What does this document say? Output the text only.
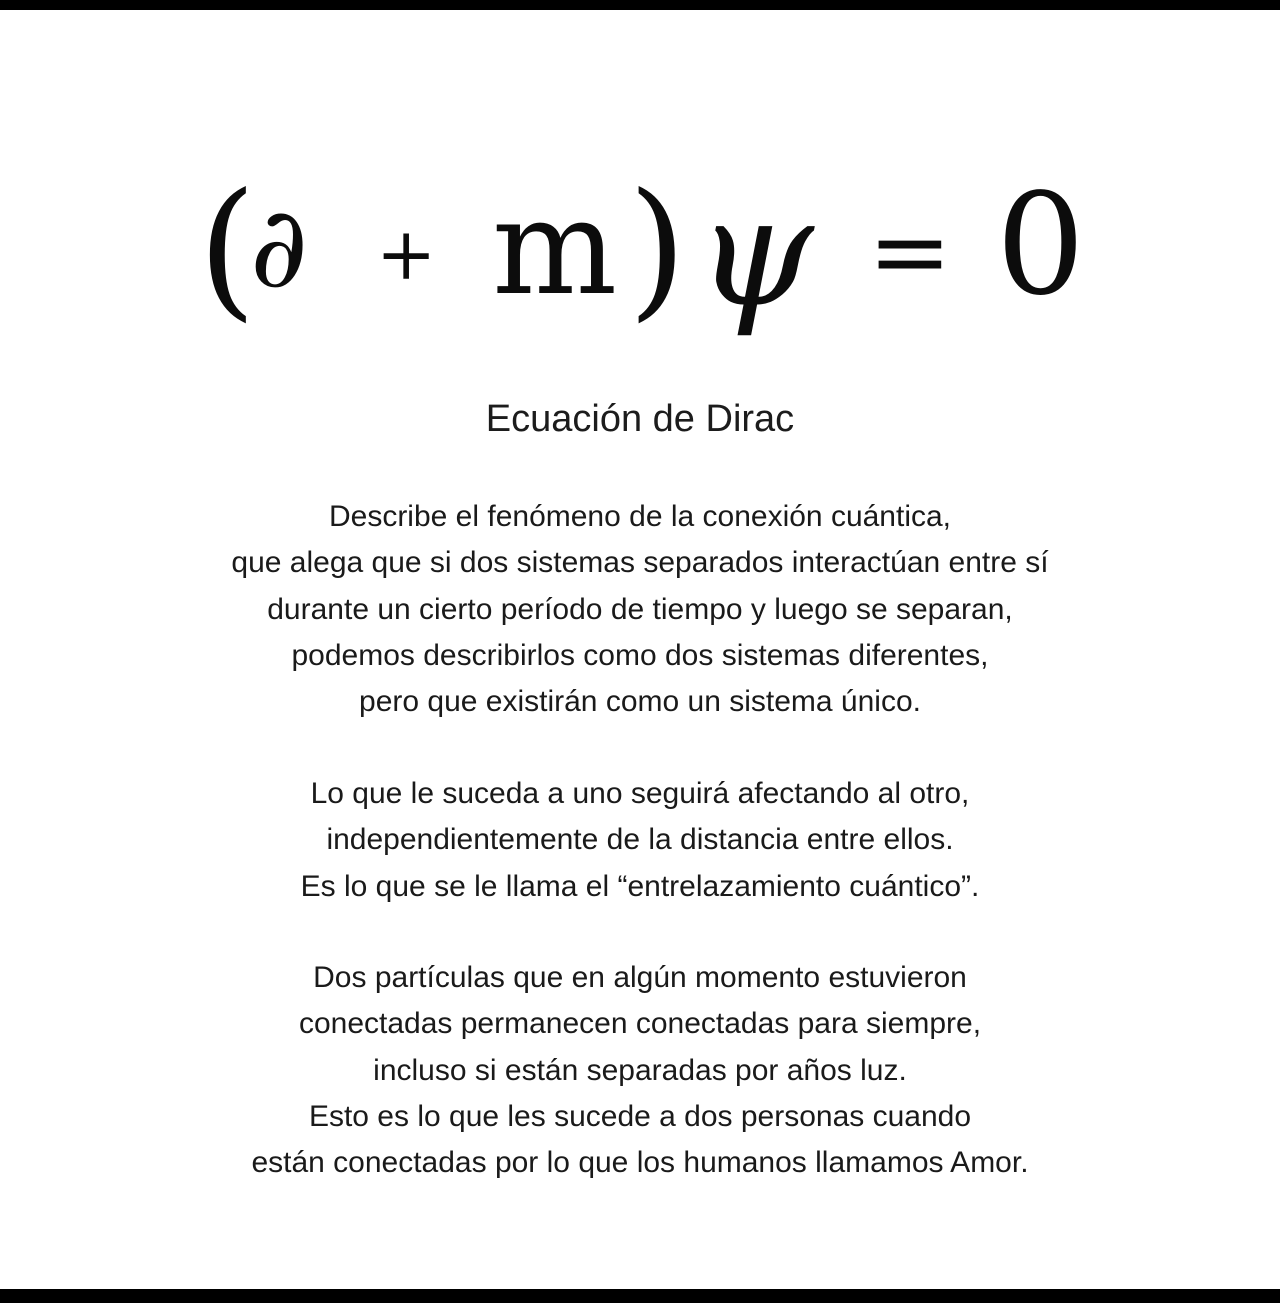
(
∂ + m ) ψ = 0
Ecuación de Dirac

Describe el fenómeno de la conexión cuántica,
que alega que si dos sistemas separados interactúan entre sí
durante un cierto período de tiempo y luego se separan,
podemos describirlos como dos sistemas diferentes,
pero que existirán como un sistema único.

Lo que le suceda a uno seguirá afectando al otro,
independientemente de la distancia entre ellos.
Es lo que se le llama el “entrelazamiento cuántico”.

Dos partículas que en algún momento estuvieron
conectadas permanecen conectadas para siempre,
incluso si están separadas por años luz.
Esto es lo que les sucede a dos personas cuando
están conectadas por lo que los humanos llamamos Amor.
